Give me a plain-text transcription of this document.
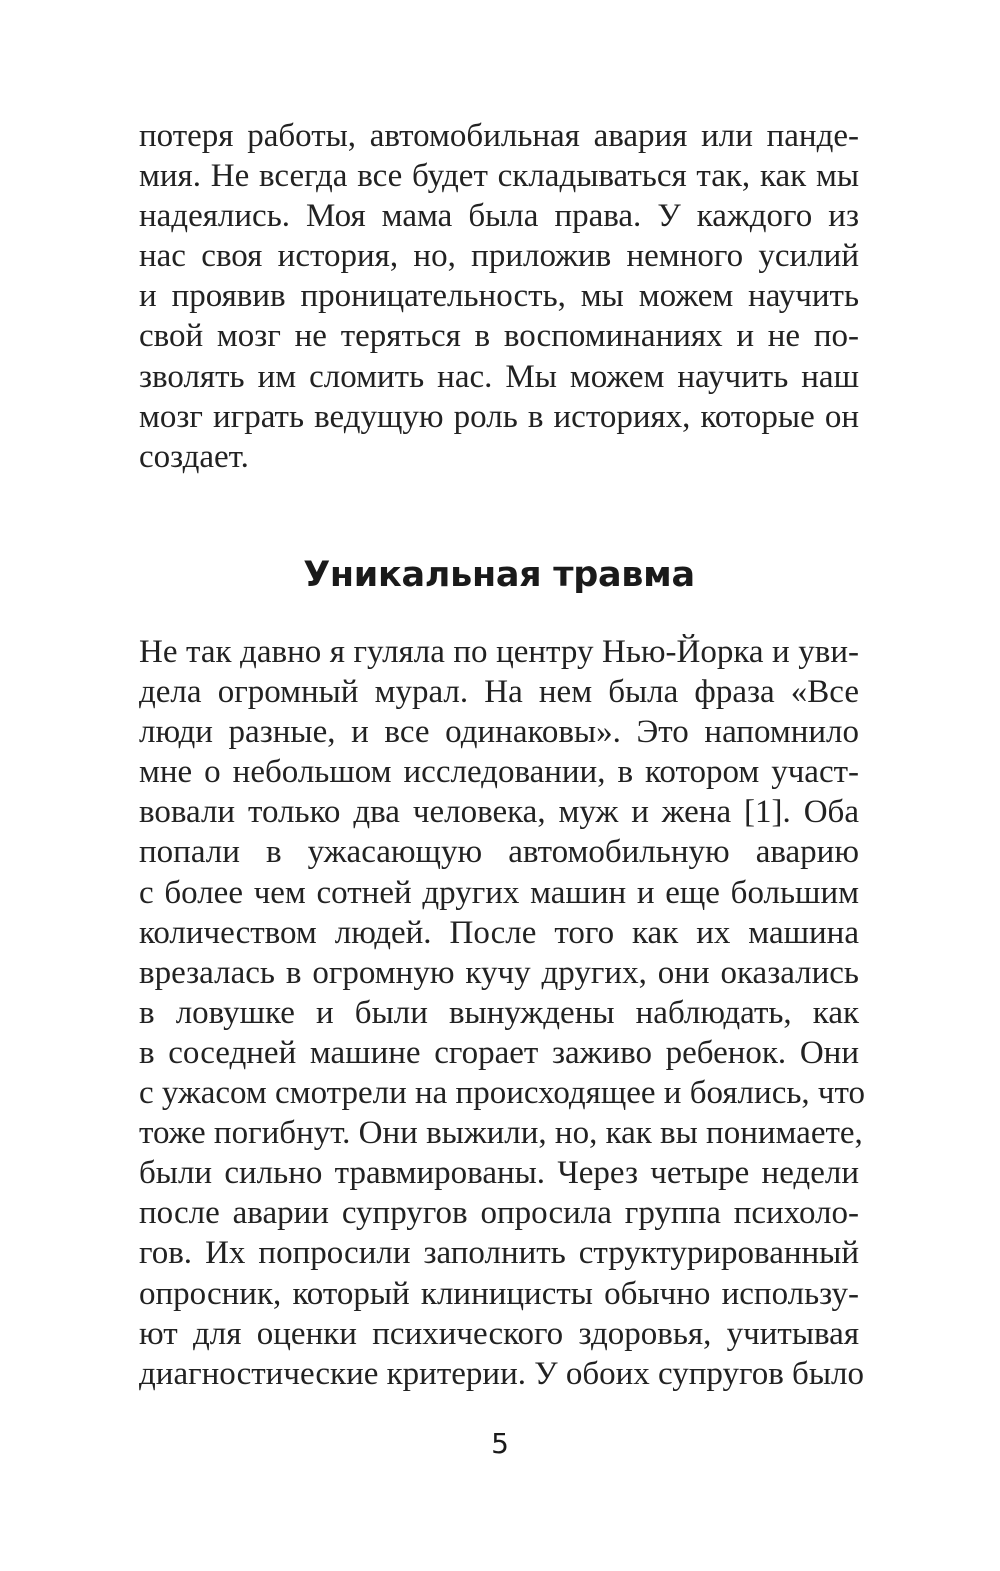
потеря работы, автомобильная авария или панде-
мия. Не всегда все будет складываться так, как мы
надеялись. Моя мама была права. У каждого из
нас своя история, но, приложив немного усилий
и проявив проницательность, мы можем научить
свой мозг не теряться в воспоминаниях и не по-
зволять им сломить нас. Мы можем научить наш
мозг играть ведущую роль в историях, которые он
создает.
Уникальная травма
Не так давно я гуляла по центру Нью-Йорка и уви-
дела огромный мурал. На нем была фраза «Все
люди разные, и все одинаковы». Это напомнило
мне о небольшом исследовании, в котором участ-
вовали только два человека, муж и жена [1]. Оба
попали в ужасающую автомобильную аварию
с более чем сотней других машин и еще большим
количеством людей. После того как их машина
врезалась в огромную кучу других, они оказались
в ловушке и были вынуждены наблюдать, как
в соседней машине сгорает заживо ребенок. Они
с ужасом смотрели на происходящее и боялись, что
тоже погибнут. Они выжили, но, как вы понимаете,
были сильно травмированы. Через четыре недели
после аварии супругов опросила группа психоло-
гов. Их попросили заполнить структурированный
опросник, который клиницисты обычно использу-
ют для оценки психического здоровья, учитывая
диагностические критерии. У обоих супругов было
5
